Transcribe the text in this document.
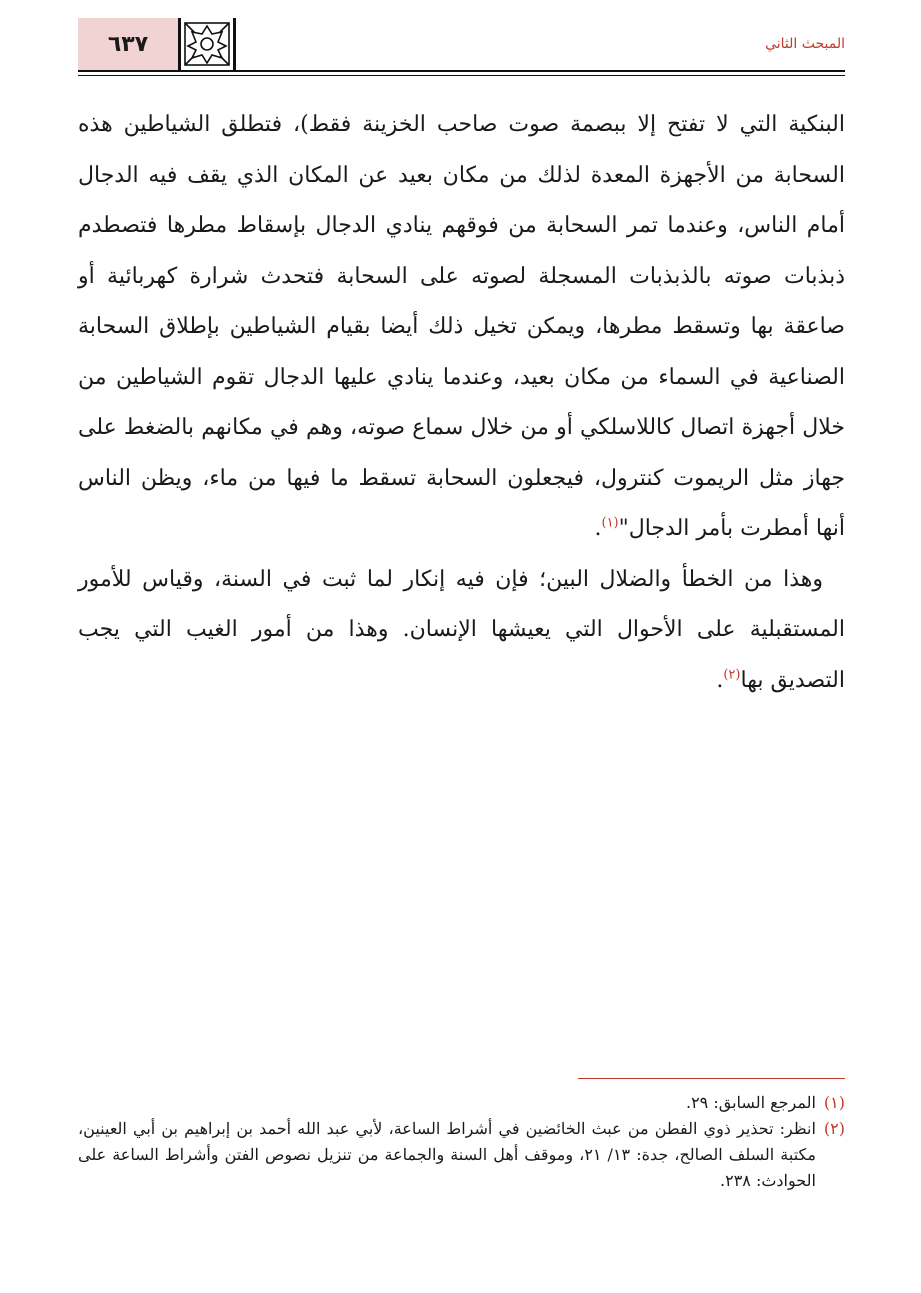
٦٣٧	المبحث الثاني

البنكية التي لا تفتح إلا ببصمة صوت صاحب الخزينة فقط)، فتطلق الشياطين هذه السحابة من الأجهزة المعدة لذلك من مكان بعيد عن المكان الذي يقف فيه الدجال أمام الناس، وعندما تمر السحابة من فوقهم ينادي الدجال بإسقاط مطرها فتصطدم ذبذبات صوته بالذبذبات المسجلة لصوته على السحابة فتحدث شرارة كهربائية أو صاعقة بها وتسقط مطرها، ويمكن تخيل ذلك أيضا بقيام الشياطين بإطلاق السحابة الصناعية في السماء من مكان بعيد، وعندما ينادي عليها الدجال تقوم الشياطين من خلال أجهزة اتصال كاللاسلكي أو من خلال سماع صوته، وهم في مكانهم بالضغط على جهاز مثل الريموت كنترول، فيجعلون السحابة تسقط ما فيها من ماء، ويظن الناس أنها أمطرت بأمر الدجال"$^{(١)}$.

وهذا من الخطأ والضلال البين؛ فإن فيه إنكار لما ثبت في السنة، وقياس للأمور المستقبلية على الأحوال التي يعيشها الإنسان. وهذا من أمور الغيب التي يجب التصديق بها$^{(٢)}$.

(١)
المرجع السابق: ٢٩.
(٢)
انظر: تحذير ذوي الفطن من عبث الخائضين في أشراط الساعة، لأبي عبد الله أحمد بن إبراهيم بن أبي العينين، مكتبة السلف الصالح، جدة: ١٣/ ٢١، وموقف أهل السنة والجماعة من تنزيل نصوص الفتن وأشراط الساعة على الحوادث: ٢٣٨.
